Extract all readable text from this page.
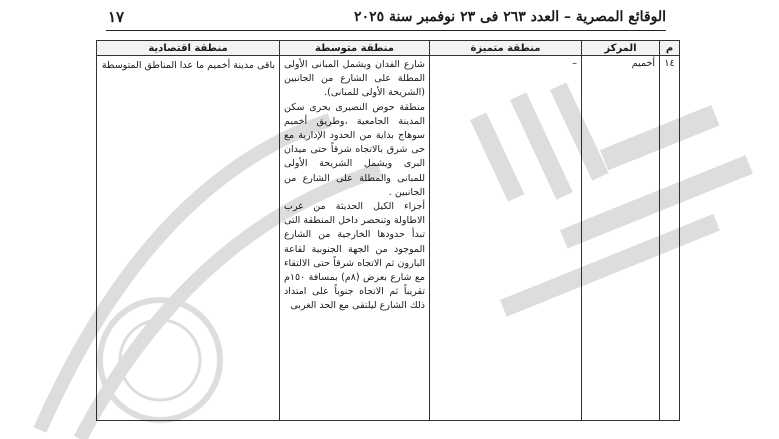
الوقائع المصرية – العدد ٢٦٣ فى ٢٣ نوفمبر سنة ٢٠٢٥
١٧
م	المركز	منطقة متميزة	منطقة متوسطة	منطقة اقتصادية
١٤	أخميم	–	شارع الفدان ويشمل المبانى الأولى المطلة على الشارع من الجانبين (الشريحة الأولى للمبانى).
منطقة حوض النصيرى بحرى سكن المدينة الجامعية ،وطريق أخميم سوهاج بداية من الحدود الإدارية مع حى شرق بالاتجاه شرقاً حتى ميدان البرى ويشمل الشريحة الأولى للمبانى والمطلة على الشارع من الجانبين .
أجزاء الكيل الحديثة من غرب الاطاولة وتنحصر داخل المنطقة التى تبدأ حدودها الخارجية من الشارع الموجود من الجهة الجنوبية لقاعة البارون ثم الاتجاه شرقاً حتى الالتقاء مع شارع بعرض (٨م) بمسافة ١٥٠م تقريباً ثم الاتجاه جنوباً على امتداد ذلك الشارع ليلتقى مع الحد الغربى	باقى مدينة أخميم ما عدا المناطق المتوسطة
